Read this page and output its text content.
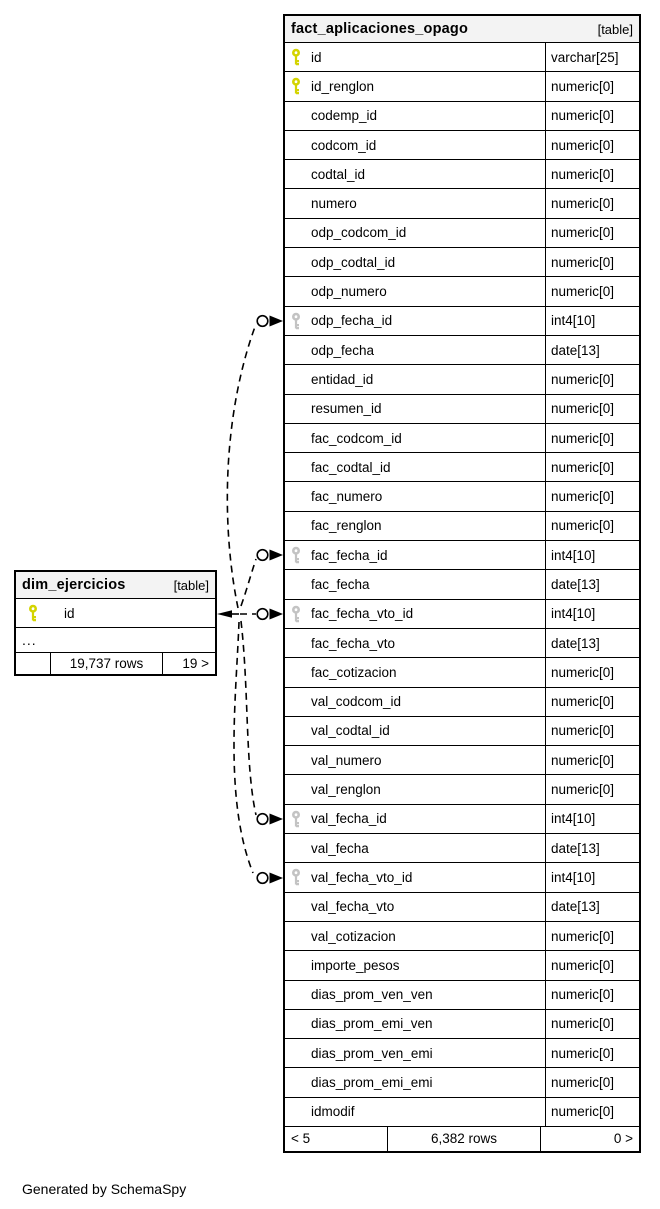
dim_ejercicios	[table]
id
...
19,737 rows	19 >
fact_aplicaciones_opago	[table]
id	varchar[25]
id_renglon	numeric[0]
codemp_id	numeric[0]
codcom_id	numeric[0]
codtal_id	numeric[0]
numero	numeric[0]
odp_codcom_id	numeric[0]
odp_codtal_id	numeric[0]
odp_numero	numeric[0]
odp_fecha_id	int4[10]
odp_fecha	date[13]
entidad_id	numeric[0]
resumen_id	numeric[0]
fac_codcom_id	numeric[0]
fac_codtal_id	numeric[0]
fac_numero	numeric[0]
fac_renglon	numeric[0]
fac_fecha_id	int4[10]
fac_fecha	date[13]
fac_fecha_vto_id	int4[10]
fac_fecha_vto	date[13]
fac_cotizacion	numeric[0]
val_codcom_id	numeric[0]
val_codtal_id	numeric[0]
val_numero	numeric[0]
val_renglon	numeric[0]
val_fecha_id	int4[10]
val_fecha	date[13]
val_fecha_vto_id	int4[10]
val_fecha_vto	date[13]
val_cotizacion	numeric[0]
importe_pesos	numeric[0]
dias_prom_ven_ven	numeric[0]
dias_prom_emi_ven	numeric[0]
dias_prom_ven_emi	numeric[0]
dias_prom_emi_emi	numeric[0]
idmodif	numeric[0]
< 5	6,382 rows	0 >
Generated by SchemaSpy
